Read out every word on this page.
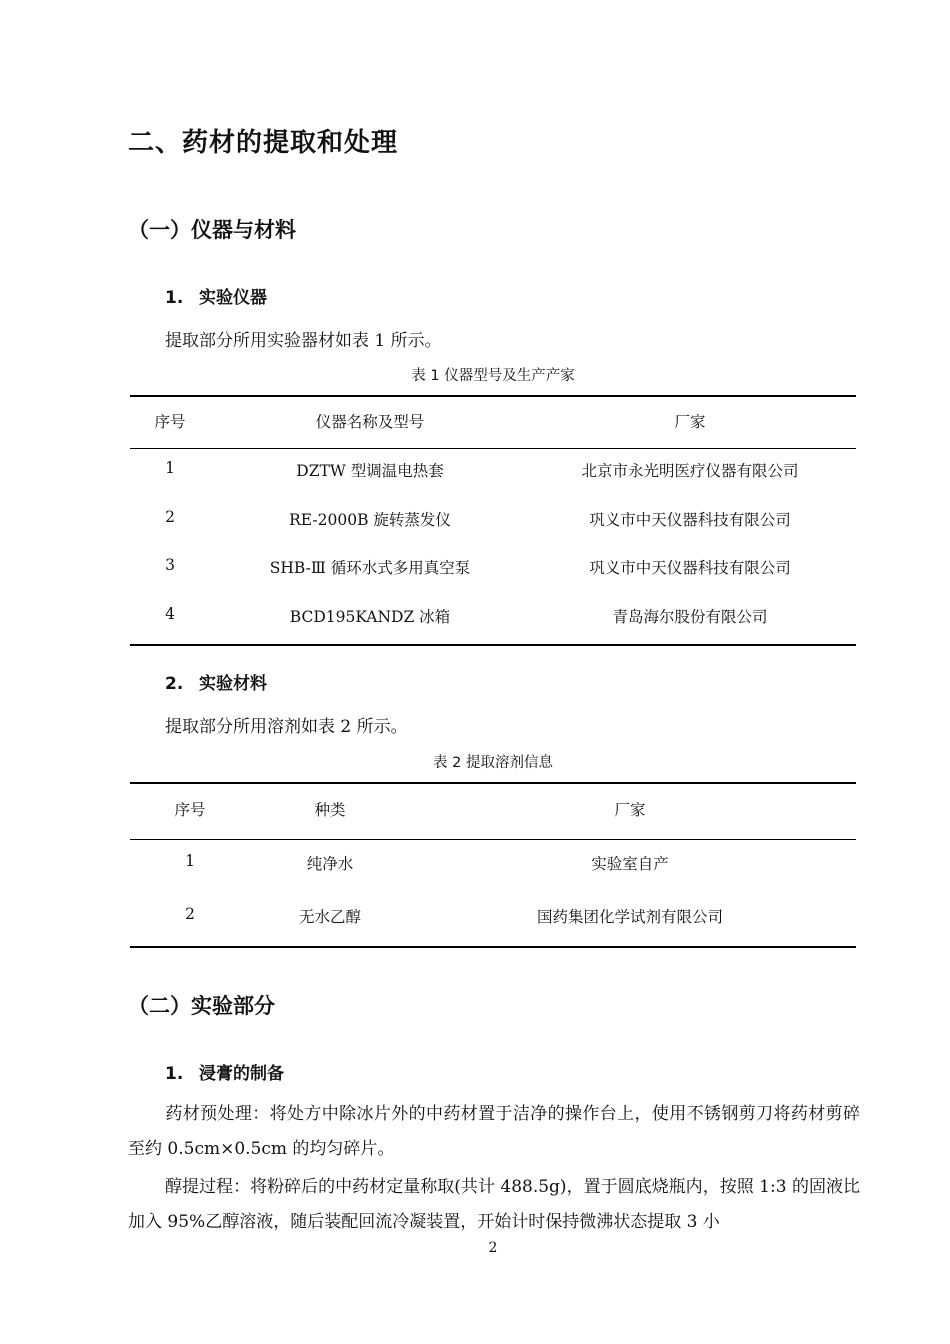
二、药材的提取和处理
（一）仪器与材料
1. 实验仪器
提取部分所用实验器材如表 1 所示。
表 1 仪器型号及生产产家
序号	仪器名称及型号	厂家
1	DZTW 型调温电热套	北京市永光明医疗仪器有限公司
2	RE-2000B 旋转蒸发仪	巩义市中天仪器科技有限公司
3	SHB-Ⅲ 循环水式多用真空泵	巩义市中天仪器科技有限公司
4	BCD195KANDZ 冰箱	青岛海尔股份有限公司
2. 实验材料
提取部分所用溶剂如表 2 所示。
表 2 提取溶剂信息
序号	种类	厂家
1	纯净水	实验室自产
2	无水乙醇	国药集团化学试剂有限公司
（二）实验部分
1. 浸膏的制备
药材预处理：将处方中除冰片外的中药材置于洁净的操作台上，使用不锈钢剪刀将药材剪碎至约 0.5cm×0.5cm 的均匀碎片。
醇提过程：将粉碎后的中药材定量称取(共计 488.5g)，置于圆底烧瓶内，按照 1:3 的固液比加入 95%乙醇溶液，随后装配回流冷凝装置，开始计时保持微沸状态提取 3 小
2
